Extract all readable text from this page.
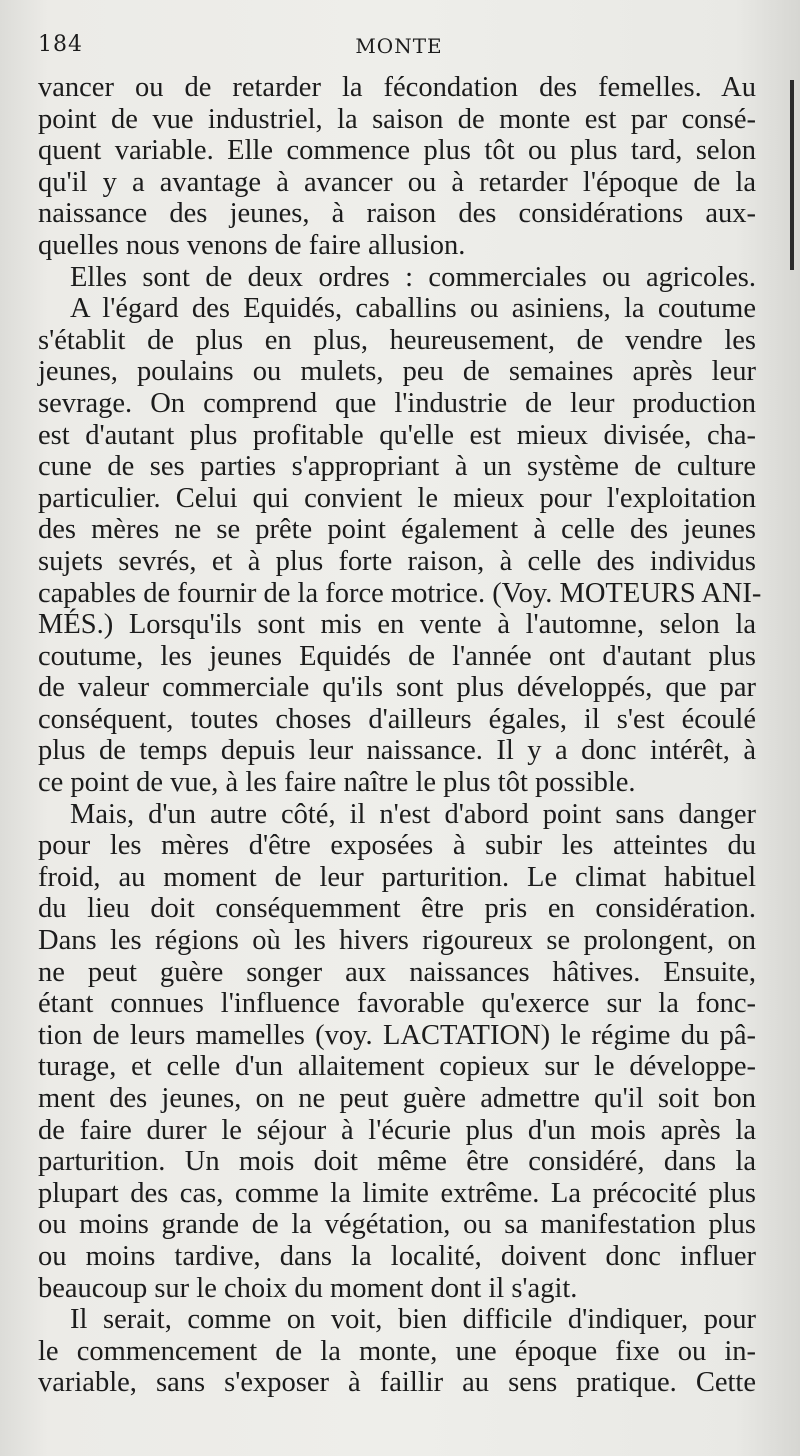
184	MONTE
vancer ou de retarder la fécondation des femelles. Au
point de vue industriel, la saison de monte est par consé-
quent variable. Elle commence plus tôt ou plus tard, selon
qu'il y a avantage à avancer ou à retarder l'époque de la
naissance des jeunes, à raison des considérations aux-
quelles nous venons de faire allusion.
Elles sont de deux ordres : commerciales ou agricoles.
A l'égard des Equidés, caballins ou asiniens, la coutume
s'établit de plus en plus, heureusement, de vendre les
jeunes, poulains ou mulets, peu de semaines après leur
sevrage. On comprend que l'industrie de leur production
est d'autant plus profitable qu'elle est mieux divisée, cha-
cune de ses parties s'appropriant à un système de culture
particulier. Celui qui convient le mieux pour l'exploitation
des mères ne se prête point également à celle des jeunes
sujets sevrés, et à plus forte raison, à celle des individus
capables de fournir de la force motrice. (Voy. MOTEURS ANI-
MÉS.) Lorsqu'ils sont mis en vente à l'automne, selon la
coutume, les jeunes Equidés de l'année ont d'autant plus
de valeur commerciale qu'ils sont plus développés, que par
conséquent, toutes choses d'ailleurs égales, il s'est écoulé
plus de temps depuis leur naissance. Il y a donc intérêt, à
ce point de vue, à les faire naître le plus tôt possible.
Mais, d'un autre côté, il n'est d'abord point sans danger
pour les mères d'être exposées à subir les atteintes du
froid, au moment de leur parturition. Le climat habituel
du lieu doit conséquemment être pris en considération.
Dans les régions où les hivers rigoureux se prolongent, on
ne peut guère songer aux naissances hâtives. Ensuite,
étant connues l'influence favorable qu'exerce sur la fonc-
tion de leurs mamelles (voy. LACTATION) le régime du pâ-
turage, et celle d'un allaitement copieux sur le développe-
ment des jeunes, on ne peut guère admettre qu'il soit bon
de faire durer le séjour à l'écurie plus d'un mois après la
parturition. Un mois doit même être considéré, dans la
plupart des cas, comme la limite extrême. La précocité plus
ou moins grande de la végétation, ou sa manifestation plus
ou moins tardive, dans la localité, doivent donc influer
beaucoup sur le choix du moment dont il s'agit.
Il serait, comme on voit, bien difficile d'indiquer, pour
le commencement de la monte, une époque fixe ou in-
variable, sans s'exposer à faillir au sens pratique. Cette
